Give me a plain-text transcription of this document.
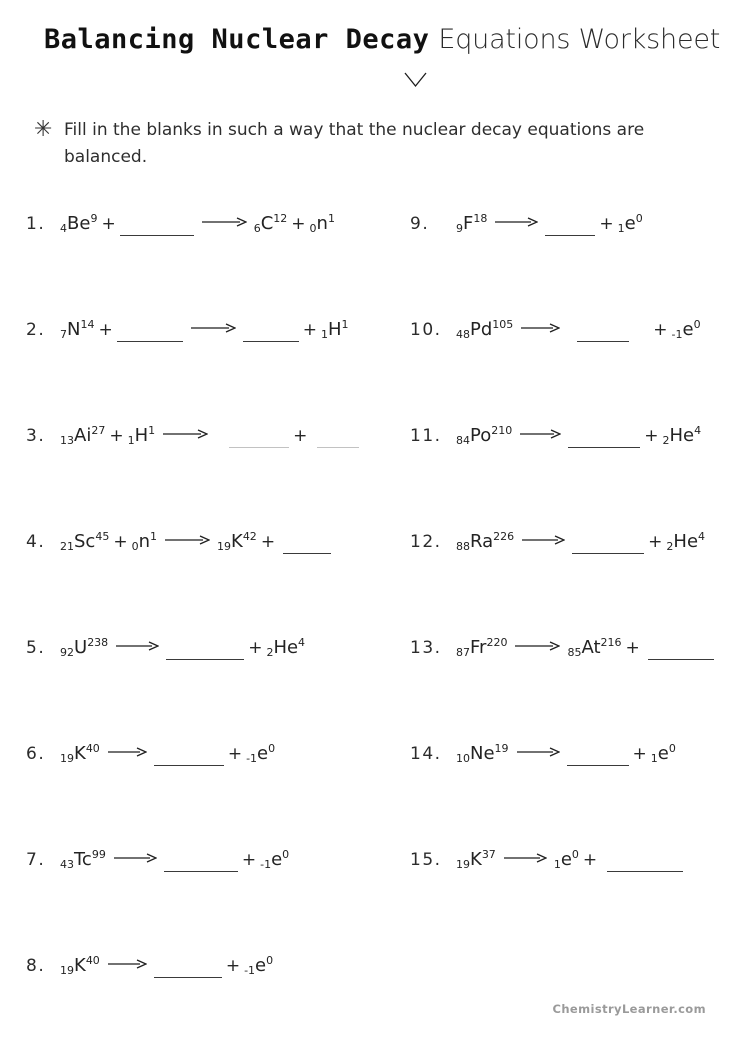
Balancing Nuclear Decay Equations Worksheet
✳ Fill in the blanks in such a way that the nuclear decay equations are balanced.
1. $_4Be^9$ +	$_6C^{12} + _0n^1$
2. $_7N^{14}$ +	+ $_1H^1$
3. $_{13}Ai^{27} + _1H^1$	+
4. $_{21}Sc^{45} + _0n^1_{19}K^{42}$ +
5. $_{92}U^{238}$	+ $_2He^4$
6. $_{19}K^{40}$	+ $_{-1}e^0$
7. $_{43}Tc^{99}$	+ $_{-1}e^0$
8. $_{19}K^{40}$	+ $_{-1}e^0$
9. $_9F^{18}$	+ $_1e^0$
10. $_{48}Pd^{105}$	+ $_{-1}e^0$
11. $_{84}Po^{210}$	+ $_2He^4$
12. $_{88}Ra^{226}$	+ $_2He^4$
13. $_{87}Fr^{220}_{85}At^{216}$ +
14. $_{10}Ne^{19}$	+ $_1e^0$
15. $_{19}K^{37}_1e^0$ +
ChemistryLearner.com
